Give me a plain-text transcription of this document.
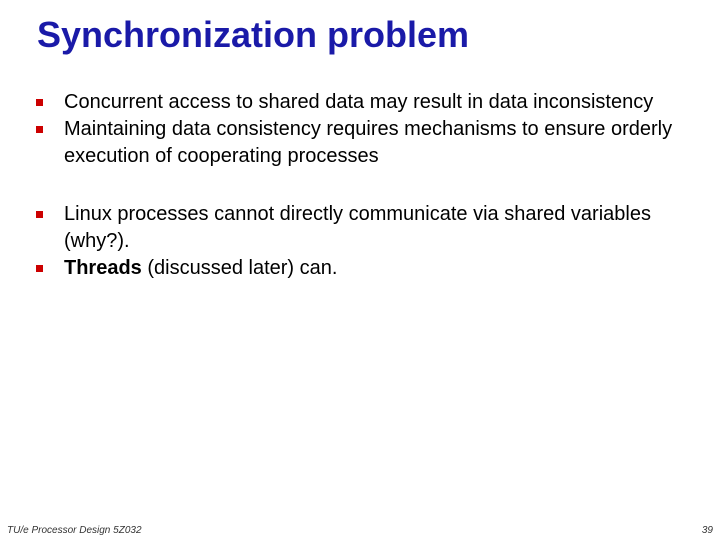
Synchronization problem
Concurrent access to shared data may result in data inconsistency
Maintaining data consistency requires mechanisms to ensure orderly execution of cooperating processes
Linux processes cannot directly communicate via shared variables (why?).
Threads (discussed later) can.
TU/e Processor Design 5Z032	39
